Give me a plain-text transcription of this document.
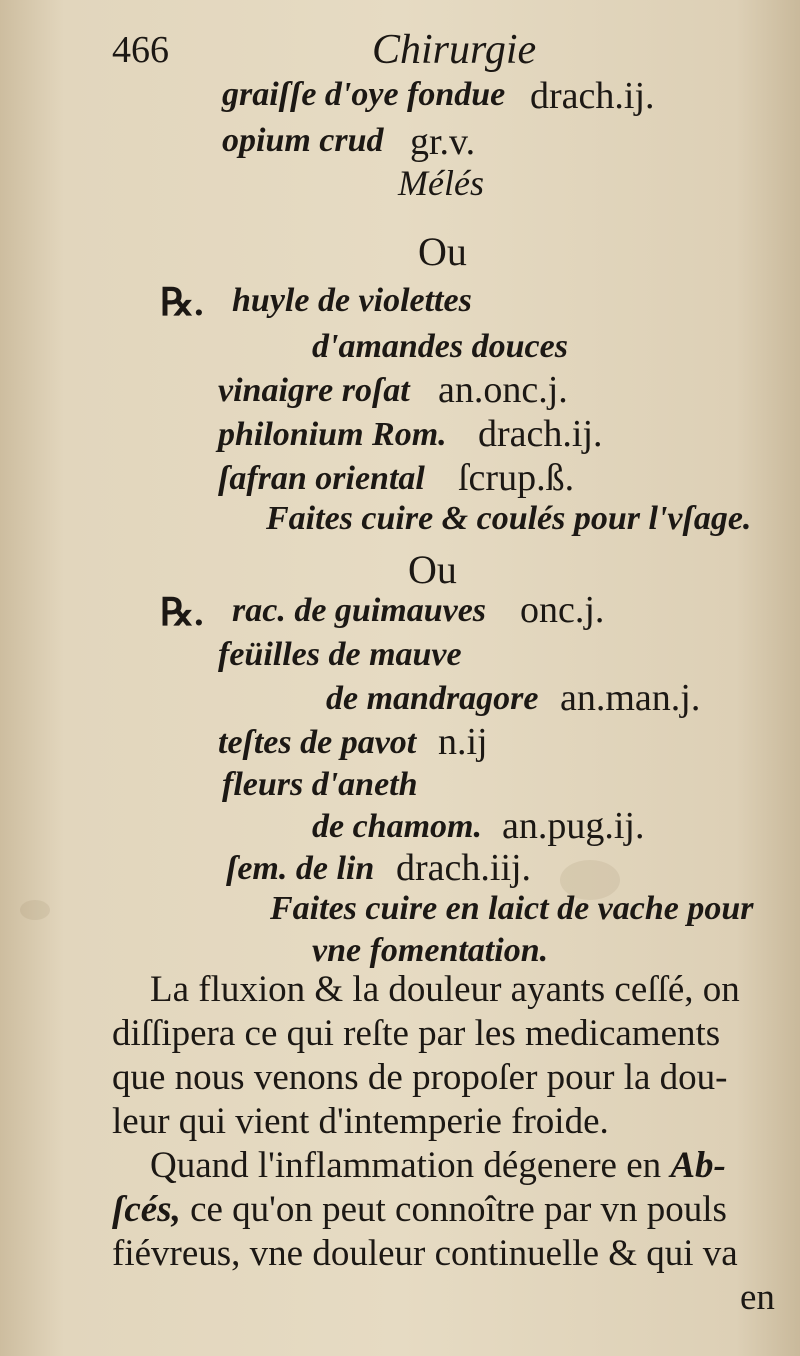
466	Chirurgie
graiſſe d'oye fondue drach.ij.
opium crud gr.v.
Mélés
Ou
℞. huyle de violettes
d'amandes douces
vinaigre roſat an.onc.j.
philonium Rom. drach.ij.
ſafran oriental ſcrup.ß.
Faites cuire & coulés pour l'vſage.
Ou
℞. rac. de guimauves onc.j.
feüilles de mauve
de mandragore an.man.j.
teſtes de pavot n.ij
fleurs d'aneth
de chamom. an.pug.ij.
ſem. de lin drach.iij.
Faites cuire en laict de vache pour
vne fomentation.
La fluxion & la douleur ayants ceſſé, on
diſſipera ce qui reſte par les medicaments
que nous venons de propoſer pour la dou-
leur qui vient d'intemperie froide.
Quand l'inflammation dégenere en Ab-
ſcés, ce qu'on peut connoître par vn pouls
fiévreus, vne douleur continuelle & qui va
en
